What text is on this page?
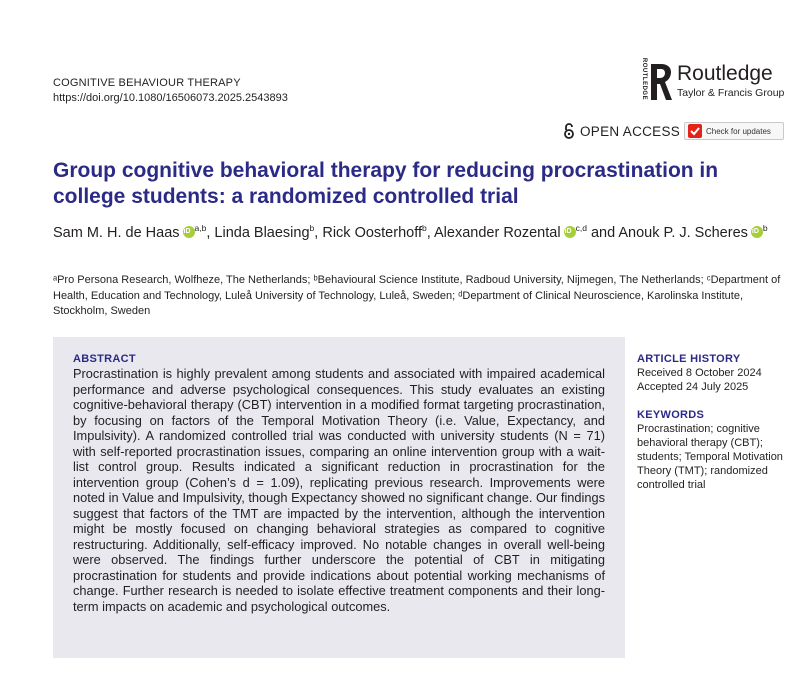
COGNITIVE BEHAVIOUR THERAPY
https://doi.org/10.1080/16506073.2025.2543893	ROUTLEDGE Routledge
Taylor & Francis Group
OPEN ACCESS	Check for updates
Group cognitive behavioral therapy for reducing procrastination in college students: a randomized controlled trial
Sam M. H. de Haas iD $^{a,b}$, Linda Blaesing$^b$, Rick Oosterhoff$^b$, Alexander Rozental iD $^{c,d}$ and Anouk P. J. Scheres iD $^b$
ᵃPro Persona Research, Wolfheze, The Netherlands; ᵇBehavioural Science Institute, Radboud University, Nijmegen, The Netherlands; ᶜDepartment of Health, Education and Technology, Luleå University of Technology, Luleå, Sweden; ᵈDepartment of Clinical Neuroscience, Karolinska Institute, Stockholm, Sweden
ABSTRACT
Procrastination is highly prevalent among students and associated with impaired academical performance and adverse psychological consequences. This study evaluates an existing cognitive-behavioral therapy (CBT) intervention in a modified format targeting procrastination, by focusing on factors of the Temporal Motivation Theory (i.e. Value, Expectancy, and Impulsivity). A randomized controlled trial was conducted with university students (N = 71) with self-reported procrastination issues, comparing an online intervention group with a wait-list control group. Results indicated a significant reduction in procrastination for the intervention group (Cohen’s d = 1.09), replicating previous research. Improvements were noted in Value and Impulsivity, though Expectancy showed no significant change. Our findings suggest that factors of the TMT are impacted by the intervention, although the intervention might be mostly focused on changing behavioral strategies as compared to cognitive restructuring. Additionally, self-efficacy improved. No notable changes in overall well-being were observed. The findings further underscore the potential of CBT in mitigating procrastination for students and provide indications about potential working mechanisms of change. Further research is needed to isolate effective treatment components and their long-term impacts on academic and psychological outcomes.
ARTICLE HISTORY
Received 8 October 2024
Accepted 24 July 2025
KEYWORDS
Procrastination; cognitive behavioral therapy (CBT); students; Temporal Motivation Theory (TMT); randomized controlled trial
